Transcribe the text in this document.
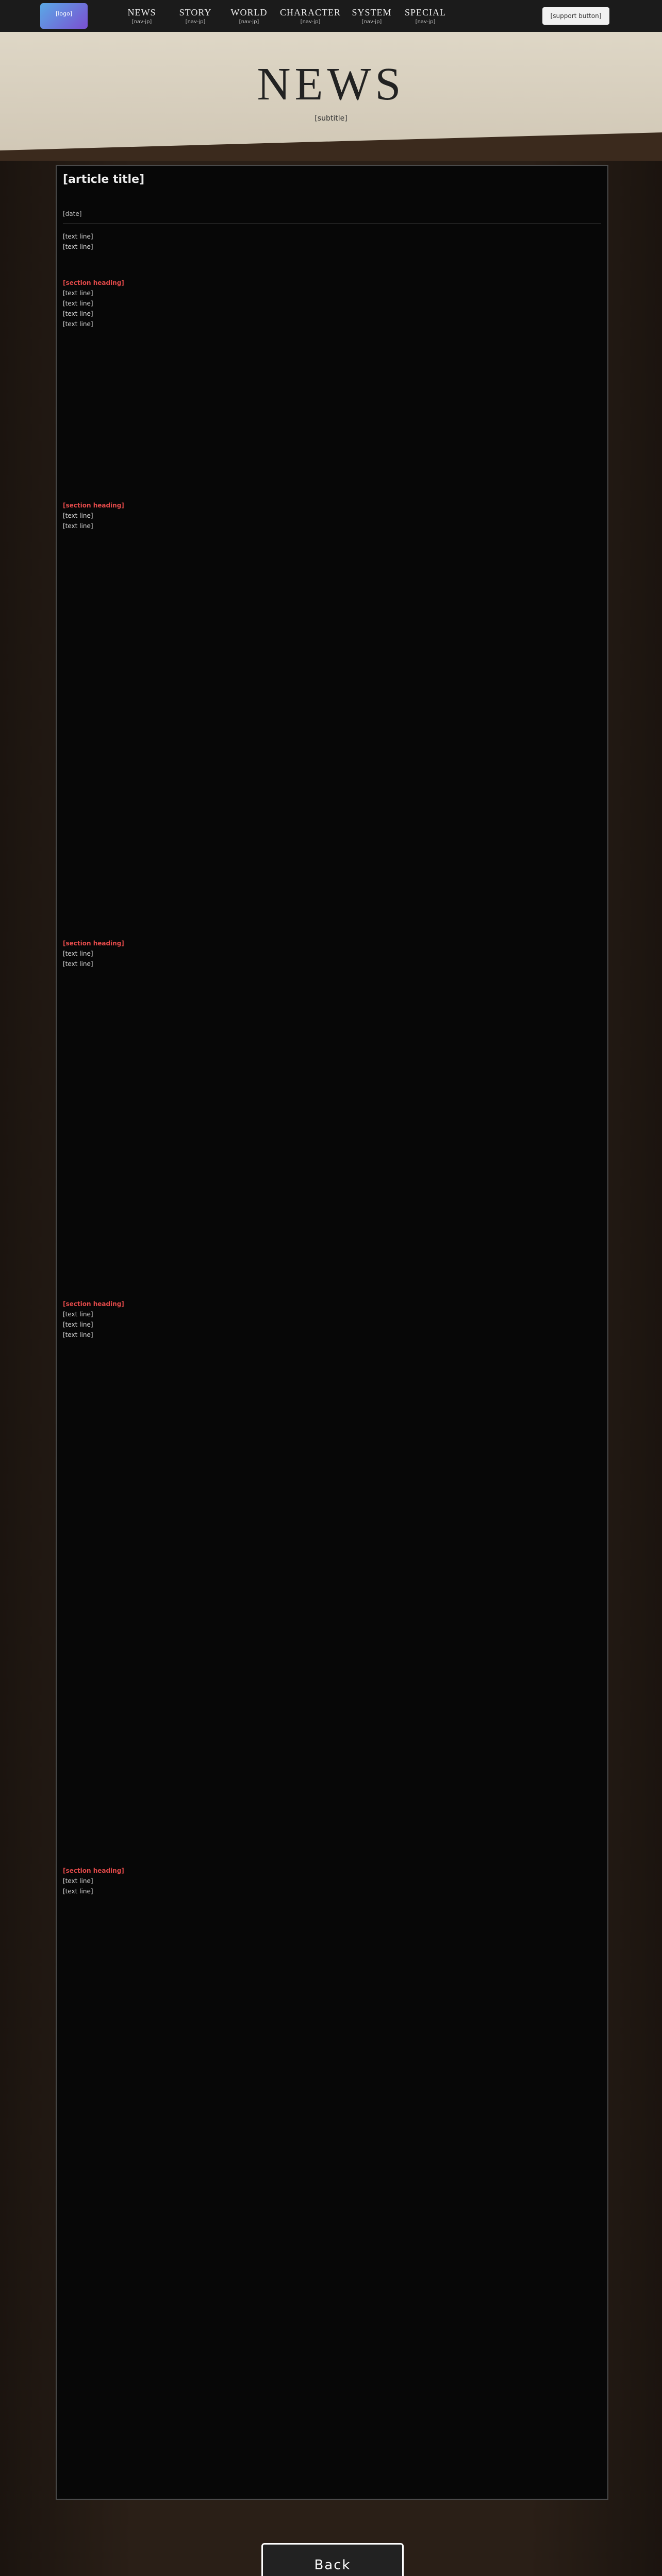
[logo]	NEWS
[nav-jp]
STORY
[nav-jp]
WORLD
[nav-jp]
CHARACTER
[nav-jp]
SYSTEM
[nav-jp]
SPECIAL
[nav-jp]
[support button]
NEWS
[subtitle]
[article title]
[date]
[text line]
[text line]
[section heading]
[text line]
[text line]
[text line]
[text line]
[section heading]
[text line]
[text line]
[section heading]
[text line]
[text line]
[section heading]
[text line]
[text line]
[text line]
[section heading]
[text line]
[text line]
Back
